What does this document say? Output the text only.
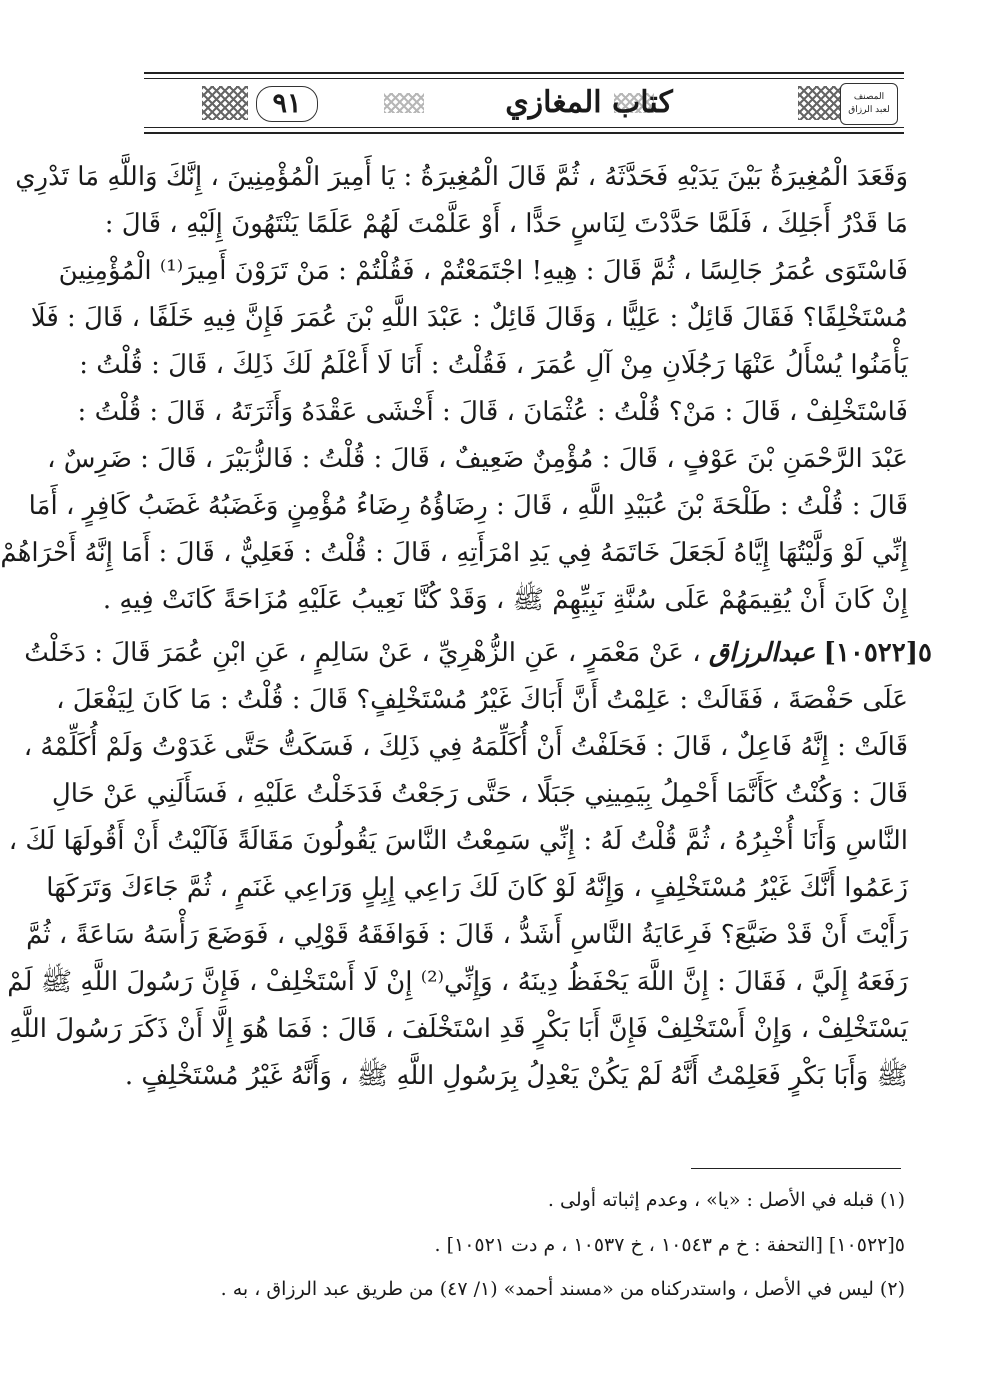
٩١	كتاب المغازي	المصنف
لعبد الرزاق
وَقَعَدَ الْمُغِيرَةُ بَيْنَ يَدَيْهِ فَحَدَّثَهُ ، ثُمَّ قَالَ الْمُغِيرَةُ : يَا أَمِيرَ الْمُؤْمِنِينَ ، إِنَّكَ وَاللَّهِ مَا تَدْرِي
مَا قَدْرُ أَجَلِكَ ، فَلَمَّا حَدَّدْتَ لِنَاسٍ حَدًّا ، أَوْ عَلَّمْتَ لَهُمْ عَلَمًا يَنْتَهُونَ إِلَيْهِ ، قَالَ :
فَاسْتَوَى عُمَرُ جَالِسًا ، ثُمَّ قَالَ : هِيهِ! اجْتَمَعْتُمْ ، فَقُلْتُمْ : مَنْ تَرَوْنَ أَمِيرَ⁽¹⁾ الْمُؤْمِنِينَ
مُسْتَخْلِفًا؟ فَقَالَ قَائِلٌ : عَلِيًّا ، وَقَالَ قَائِلٌ : عَبْدَ اللَّهِ بْنَ عُمَرَ فَإِنَّ فِيهِ خَلَفًا ، قَالَ : فَلَا
يَأْمَنُوا يُسْأَلُ عَنْهَا رَجُلَانِ مِنْ آلِ عُمَرَ ، فَقُلْتُ : أَنَا لَا أَعْلَمُ لَكَ ذَلِكَ ، قَالَ : قُلْتُ :
فَاسْتَخْلِفْ ، قَالَ : مَنْ؟ قُلْتُ : عُثْمَانَ ، قَالَ : أَخْشَى عَقْدَهُ وَأَثَرَتَهُ ، قَالَ : قُلْتُ :
عَبْدَ الرَّحْمَنِ بْنَ عَوْفٍ ، قَالَ : مُؤْمِنٌ ضَعِيفٌ ، قَالَ : قُلْتُ : فَالزُّبَيْرَ ، قَالَ : ضَرِسٌ ،
قَالَ : قُلْتُ : طَلْحَةَ بْنَ عُبَيْدِ اللَّهِ ، قَالَ : رِضَاؤُهُ رِضَاءُ مُؤْمِنٍ وَغَضَبُهُ غَضَبُ كَافِرٍ ، أَمَا
إِنِّي لَوْ وَلَّيْتُهَا إِيَّاهُ لَجَعَلَ خَاتَمَهُ فِي يَدِ امْرَأَتِهِ ، قَالَ : قُلْتُ : فَعَلِيٌّ ، قَالَ : أَمَا إِنَّهُ أَحْرَاهُمْ
إِنْ كَانَ أَنْ يُقِيمَهُمْ عَلَى سُنَّةِ نَبِيِّهِمْ ﷺ ، وَقَدْ كُنَّا نَعِيبُ عَلَيْهِ مُزَاحَةً كَانَتْ فِيهِ .
٥[١٠٥٢٢] عبدالرزاق ، عَنْ مَعْمَرٍ ، عَنِ الزُّهْرِيِّ ، عَنْ سَالِمٍ ، عَنِ ابْنِ عُمَرَ قَالَ : دَخَلْتُ
عَلَى حَفْصَةَ ، فَقَالَتْ : عَلِمْتُ أَنَّ أَبَاكَ غَيْرُ مُسْتَخْلِفٍ؟ قَالَ : قُلْتُ : مَا كَانَ لِيَفْعَلَ ،
قَالَتْ : إِنَّهُ فَاعِلٌ ، قَالَ : فَحَلَفْتُ أَنْ أُكَلِّمَهُ فِي ذَلِكَ ، فَسَكَتُّ حَتَّى غَدَوْتُ وَلَمْ أُكَلِّمْهُ ،
قَالَ : وَكُنْتُ كَأَنَّمَا أَحْمِلُ بِيَمِينِي جَبَلًا ، حَتَّى رَجَعْتُ فَدَخَلْتُ عَلَيْهِ ، فَسَأَلَنِي عَنْ حَالِ
النَّاسِ وَأَنَا أُخْبِرُهُ ، ثُمَّ قُلْتُ لَهُ : إِنِّي سَمِعْتُ النَّاسَ يَقُولُونَ مَقَالَةً فَآلَيْتُ أَنْ أَقُولَهَا لَكَ ،
زَعَمُوا أَنَّكَ غَيْرُ مُسْتَخْلِفٍ ، وَإِنَّهُ لَوْ كَانَ لَكَ رَاعِي إِبِلٍ وَرَاعِي غَنَمٍ ، ثُمَّ جَاءَكَ وَتَرَكَهَا
رَأَيْتَ أَنْ قَدْ ضَيَّعَ؟ فَرِعَايَةُ النَّاسِ أَشَدُّ ، قَالَ : فَوَافَقَهُ قَوْلِي ، فَوَضَعَ رَأْسَهُ سَاعَةً ، ثُمَّ
رَفَعَهُ إِلَيَّ ، فَقَالَ : إِنَّ اللَّهَ يَحْفَظُ دِينَهُ ، وَإِنِّي⁽²⁾ إِنْ لَا أَسْتَخْلِفْ ، فَإِنَّ رَسُولَ اللَّهِ ﷺ لَمْ
يَسْتَخْلِفْ ، وَإِنْ أَسْتَخْلِفْ فَإِنَّ أَبَا بَكْرٍ قَدِ اسْتَخْلَفَ ، قَالَ : فَمَا هُوَ إِلَّا أَنْ ذَكَرَ رَسُولَ اللَّهِ
ﷺ وَأَبَا بَكْرٍ فَعَلِمْتُ أَنَّهُ لَمْ يَكُنْ يَعْدِلُ بِرَسُولِ اللَّهِ ﷺ ، وَأَنَّهُ غَيْرُ مُسْتَخْلِفٍ .
(١) قبله في الأصل : «يا» ، وعدم إثباته أولى .
٥[١٠٥٢٢] [التحفة : خ م ١٠٥٤٣ ، خ ١٠٥٣٧ ، م دت ١٠٥٢١] .
(٢) ليس في الأصل ، واستدركناه من «مسند أحمد» (١/ ٤٧) من طريق عبد الرزاق ، به .
